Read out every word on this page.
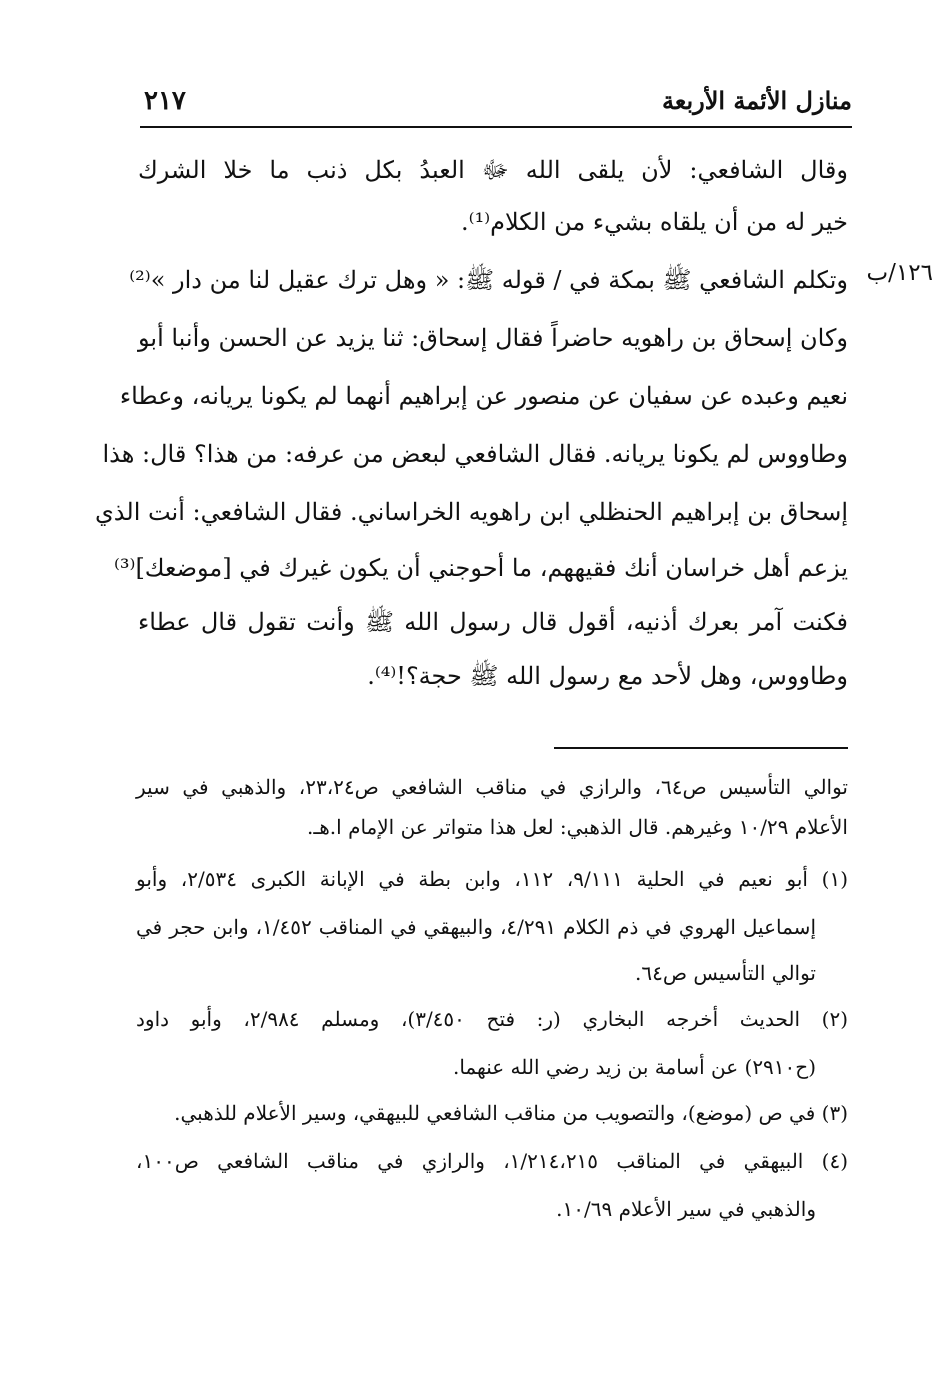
منازل الأئمة الأربعة
٢١٧
١٢٦/ب
وقال الشافعي: لأن يلقى الله ﷻ العبدُ بكل ذنب ما خلا الشرك
خير له من أن يلقاه بشيء من الكلام⁽¹⁾.
وتكلم الشافعي ﷺ بمكة في / قوله ﷺ: « وهل ترك عقيل لنا من دار »⁽²⁾
وكان إسحاق بن راهويه حاضراً فقال إسحاق: ثنا يزيد عن الحسن وأنبا أبو
نعيم وعبده عن سفيان عن منصور عن إبراهيم أنهما لم يكونا يريانه، وعطاء
وطاووس لم يكونا يريانه. فقال الشافعي لبعض من عرفه: من هذا؟ قال: هذا
إسحاق بن إبراهيم الحنظلي ابن راهويه الخراساني. فقال الشافعي: أنت الذي
يزعم أهل خراسان أنك فقيههم، ما أحوجني أن يكون غيرك في [موضعك]⁽³⁾
فكنت آمر بعرك أذنيه، أقول قال رسول الله ﷺ وأنت تقول قال عطاء
وطاووس، وهل لأحد مع رسول الله ﷺ حجة؟!⁽⁴⁾.
توالي التأسيس ص٦٤، والرازي في مناقب الشافعي ص٢٣،٢٤، والذهبي في سير
الأعلام ١٠/٢٩ وغيرهم. قال الذهبي: لعل هذا متواتر عن الإمام ا.هـ.
(١) أبو نعيم في الحلية ٩/١١١، ١١٢، وابن بطة في الإبانة الكبرى ٢/٥٣٤، وأبو
إسماعيل الهروي في ذم الكلام ٤/٢٩١، والبيهقي في المناقب ١/٤٥٢، وابن حجر في
توالي التأسيس ص٦٤.
(٢) الحديث أخرجه البخاري (ر: فتح ٣/٤٥٠)، ومسلم ٢/٩٨٤، وأبو داود
(ح٢٩١٠) عن أسامة بن زيد رضي الله عنهما.
(٣) في ص (موضع)، والتصويب من مناقب الشافعي للبيهقي، وسير الأعلام للذهبي.
(٤) البيهقي في المناقب ١/٢١٤،٢١٥، والرازي في مناقب الشافعي ص١٠٠،
والذهبي في سير الأعلام ١٠/٦٩.
